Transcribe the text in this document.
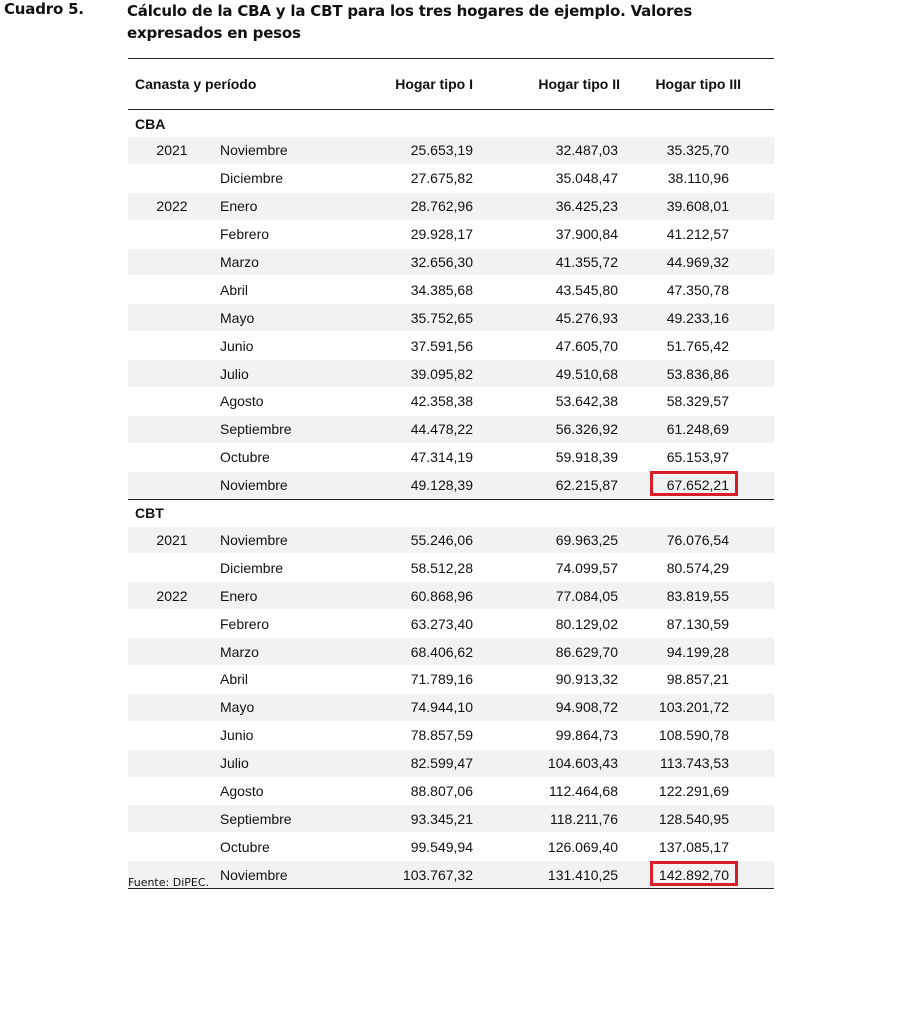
Cuadro 5.	Cálculo de la CBA y la CBT para los tres hogares de ejemplo. Valores expresados en pesos
Canasta y período	Hogar tipo I	Hogar tipo II	Hogar tipo III
CBA
2021	Noviembre	25.653,19	32.487,03	35.325,70
Diciembre	27.675,82	35.048,47	38.110,96
2022	Enero	28.762,96	36.425,23	39.608,01
Febrero	29.928,17	37.900,84	41.212,57
Marzo	32.656,30	41.355,72	44.969,32
Abril	34.385,68	43.545,80	47.350,78
Mayo	35.752,65	45.276,93	49.233,16
Junio	37.591,56	47.605,70	51.765,42
Julio	39.095,82	49.510,68	53.836,86
Agosto	42.358,38	53.642,38	58.329,57
Septiembre	44.478,22	56.326,92	61.248,69
Octubre	47.314,19	59.918,39	65.153,97
Noviembre	49.128,39	62.215,87	67.652,21
CBT
2021	Noviembre	55.246,06	69.963,25	76.076,54
Diciembre	58.512,28	74.099,57	80.574,29
2022	Enero	60.868,96	77.084,05	83.819,55
Febrero	63.273,40	80.129,02	87.130,59
Marzo	68.406,62	86.629,70	94.199,28
Abril	71.789,16	90.913,32	98.857,21
Mayo	74.944,10	94.908,72	103.201,72
Junio	78.857,59	99.864,73	108.590,78
Julio	82.599,47	104.603,43	113.743,53
Agosto	88.807,06	112.464,68	122.291,69
Septiembre	93.345,21	118.211,76	128.540,95
Octubre	99.549,94	126.069,40	137.085,17
Noviembre	103.767,32	131.410,25	142.892,70
Fuente: DiPEC.
